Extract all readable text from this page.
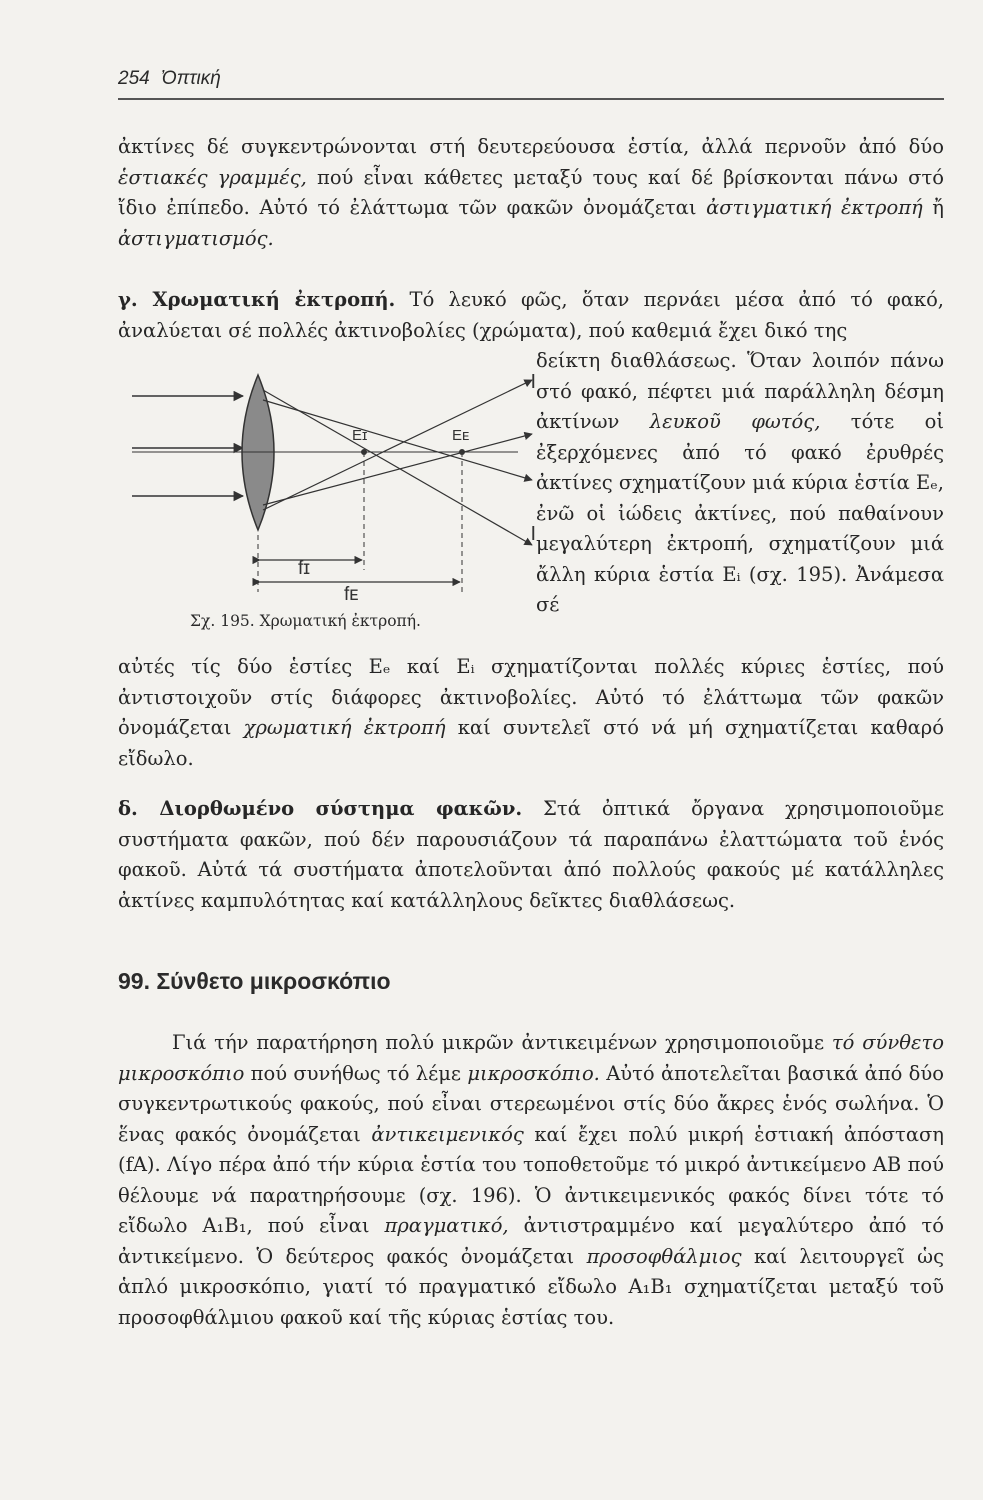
254 Ὀπτική
ἀκτίνες δέ συγκεντρώνονται στή δευτερεύουσα ἑστία, ἀλλά περνοῦν ἀπό δύο ἑστιακές γραμμές, πού εἶναι κάθετες μεταξύ τους καί δέ βρίσκονται πάνω στό ἴδιο ἐπίπεδο. Αὐτό τό ἐλάττωμα τῶν φακῶν ὀνομάζεται ἀστιγματική ἐκτροπή ἤ ἀστιγματισμός.
γ. Χρωματική ἐκτροπή. Τό λευκό φῶς, ὅταν περνάει μέσα ἀπό τό φακό, ἀναλύεται σέ πολλές ἀκτινοβολίες (χρώματα), πού καθεμιά ἔχει δικό της
δείκτη διαθλάσεως. Ὅταν λοιπόν πάνω στό φακό, πέφτει μιά παράλληλη δέσμη ἀκτίνων λευκοῦ φωτός, τότε οἱ ἐξερχόμενες ἀπό τό φακό ἐρυθρές ἀκτίνες σχηματίζουν μιά κύρια ἑστία Eₑ, ἐνῶ οἱ ἰώδεις ἀκτίνες, πού παθαίνουν μεγαλύτερη ἐκτροπή, σχηματίζουν μιά ἄλλη κύρια ἑστία Eᵢ (σχ. 195). Ἀνάμεσα σέ
Eɪ	Eᴇ
I
I
fɪ
fᴇ
Σχ. 195. Χρωματική ἐκτροπή.
αὐτές τίς δύο ἑστίες Eₑ καί Eᵢ σχηματίζονται πολλές κύριες ἑστίες, πού ἀντιστοιχοῦν στίς διάφορες ἀκτινοβολίες. Αὐτό τό ἐλάττωμα τῶν φακῶν ὀνομάζεται χρωματική ἐκτροπή καί συντελεῖ στό νά μή σχηματίζεται καθαρό εἴδωλο.
δ. Διορθωμένο σύστημα φακῶν. Στά ὀπτικά ὄργανα χρησιμοποιοῦμε συστήματα φακῶν, πού δέν παρουσιάζουν τά παραπάνω ἐλαττώματα τοῦ ἑνός φακοῦ. Αὐτά τά συστήματα ἀποτελοῦνται ἀπό πολλούς φακούς μέ κατάλληλες ἀκτίνες καμπυλότητας καί κατάλληλους δεῖκτες διαθλάσεως.
99. Σύνθετο μικροσκόπιο
Γιά τήν παρατήρηση πολύ μικρῶν ἀντικειμένων χρησιμοποιοῦμε τό σύνθετο μικροσκόπιο πού συνήθως τό λέμε μικροσκόπιο. Αὐτό ἀποτελεῖται βασικά ἀπό δύο συγκεντρωτικούς φακούς, πού εἶναι στερεωμένοι στίς δύο ἄκρες ἑνός σωλήνα. Ὁ ἕνας φακός ὀνομάζεται ἀντικειμενικός καί ἔχει πολύ μικρή ἑστιακή ἀπόσταση (fA). Λίγο πέρα ἀπό τήν κύρια ἑστία του τοποθετοῦμε τό μικρό ἀντικείμενο AB πού θέλουμε νά παρατηρήσουμε (σχ. 196). Ὁ ἀντικειμενικός φακός δίνει τότε τό εἴδωλο A₁B₁, πού εἶναι πραγματικό, ἀντιστραμμένο καί μεγαλύτερο ἀπό τό ἀντικείμενο. Ὁ δεύτερος φακός ὀνομάζεται προσοφθάλμιος καί λειτουργεῖ ὡς ἁπλό μικροσκόπιο, γιατί τό πραγματικό εἴδωλο A₁B₁ σχηματίζεται μεταξύ τοῦ προσοφθάλμιου φακοῦ καί τῆς κύριας ἑστίας του.
